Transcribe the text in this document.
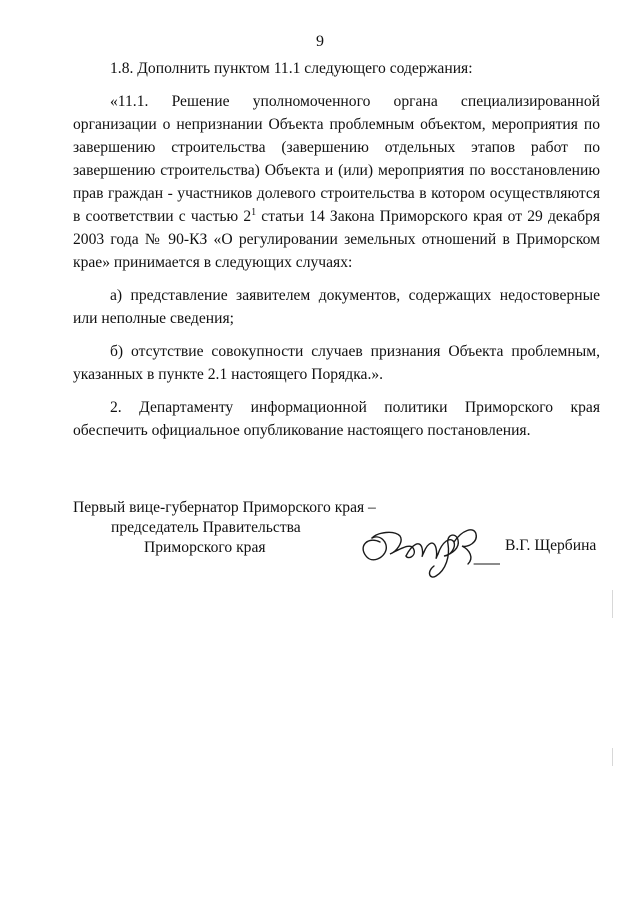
9

1.8. Дополнить пунктом 11.1 следующего содержания:

«11.1. Решение уполномоченного органа специализированной организации о непризнании Объекта проблемным объектом, мероприятия по завершению строительства (завершению отдельных этапов работ по завершению строительства) Объекта и (или) мероприятия по восстановлению прав граждан - участников долевого строительства в котором осуществляются в соответствии с частью $2^1$ статьи 14 Закона Приморского края от 29 декабря 2003 года № 90-КЗ «О регулировании земельных отношений в Приморском крае» принимается в следующих случаях:

а) представление заявителем документов, содержащих недостоверные или неполные сведения;

б) отсутствие совокупности случаев признания Объекта проблемным, указанных в пункте 2.1 настоящего Порядка.».

2. Департаменту информационной политики Приморского края обеспечить официальное опубликование настоящего постановления.

Первый вице-губернатор Приморского края –
председатель Правительства
Приморского края	В.Г. Щербина
